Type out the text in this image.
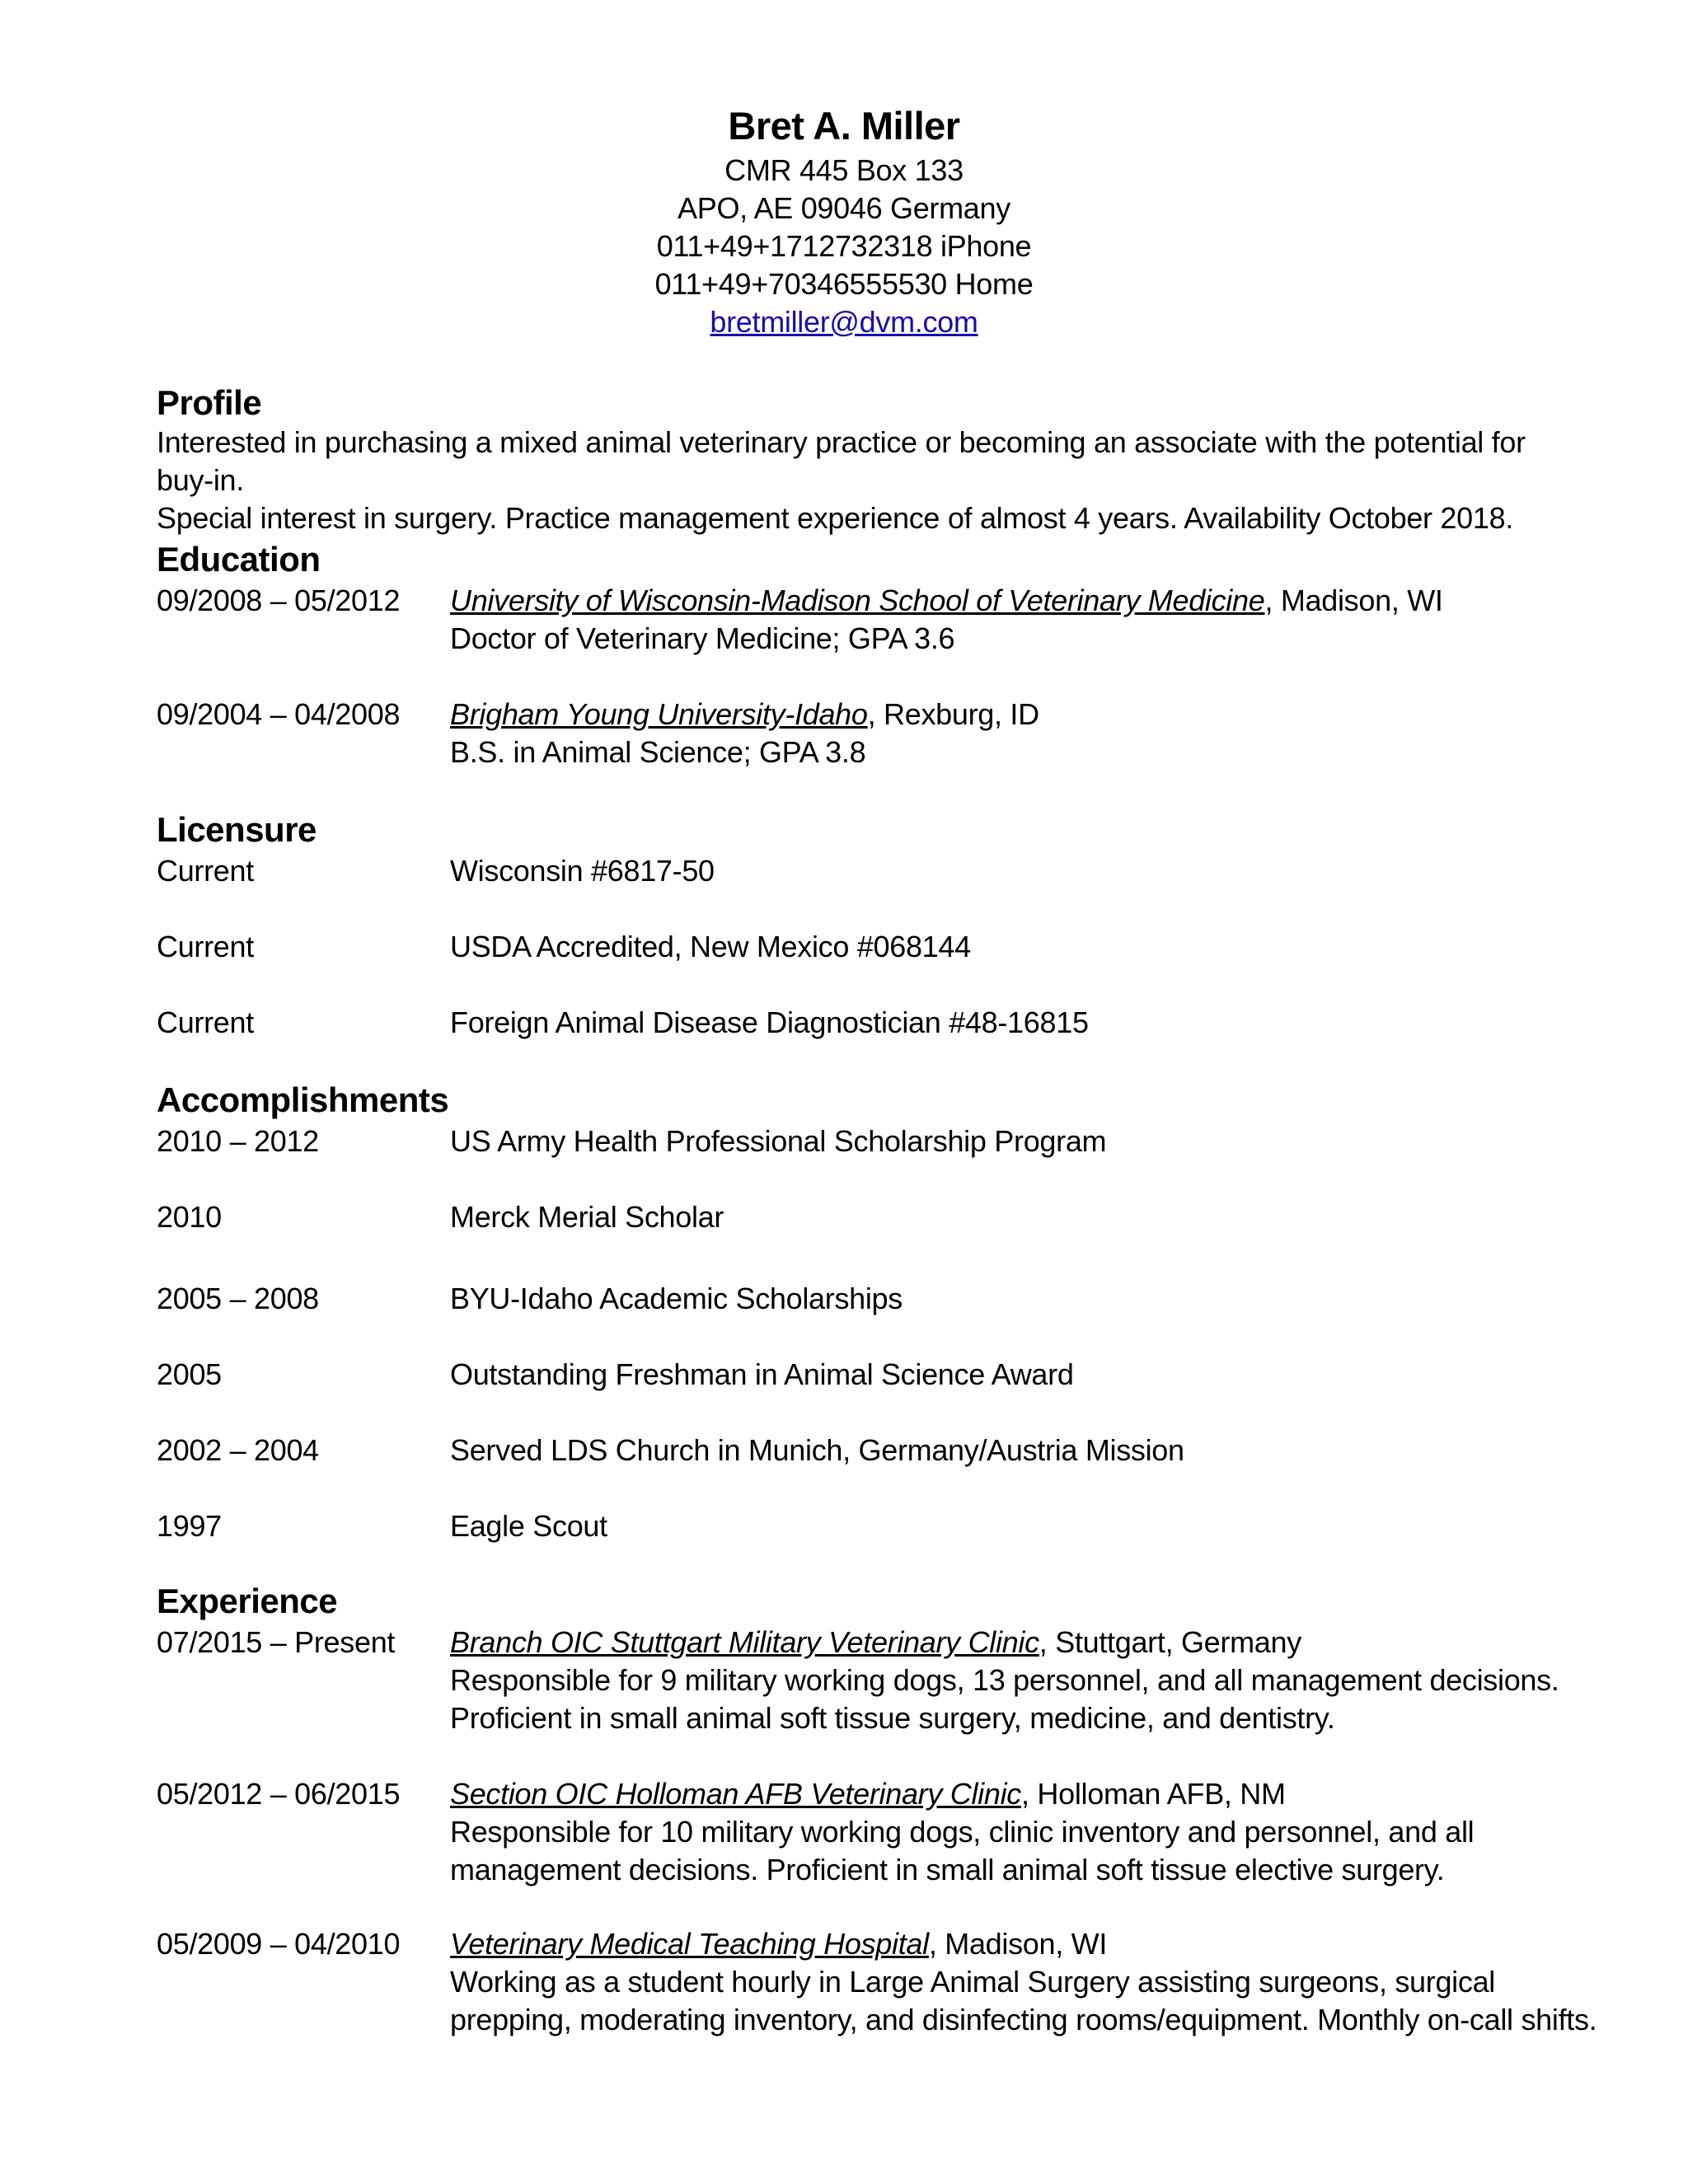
Bret A. Miller
CMR 445 Box 133
APO, AE 09046 Germany
011+49+1712732318 iPhone
011+49+70346555530 Home
bretmiller@dvm.com
Profile
Interested in purchasing a mixed animal veterinary practice or becoming an associate with the potential for buy-in.
Special interest in surgery. Practice management experience of almost 4 years. Availability October 2018.
Education
09/2008 – 05/2012	University of Wisconsin-Madison School of Veterinary Medicine, Madison, WI
Doctor of Veterinary Medicine; GPA 3.6
09/2004 – 04/2008	Brigham Young University-Idaho, Rexburg, ID
B.S. in Animal Science; GPA 3.8
Licensure
Current	Wisconsin #6817-50
Current	USDA Accredited, New Mexico #068144
Current	Foreign Animal Disease Diagnostician #48-16815
Accomplishments
2010 – 2012	US Army Health Professional Scholarship Program
2010	Merck Merial Scholar
2005 – 2008	BYU-Idaho Academic Scholarships
2005	Outstanding Freshman in Animal Science Award
2002 – 2004	Served LDS Church in Munich, Germany/Austria Mission
1997	Eagle Scout
Experience
07/2015 – Present	Branch OIC Stuttgart Military Veterinary Clinic, Stuttgart, Germany
Responsible for 9 military working dogs, 13 personnel, and all management decisions.
Proficient in small animal soft tissue surgery, medicine, and dentistry.
05/2012 – 06/2015	Section OIC Holloman AFB Veterinary Clinic, Holloman AFB, NM
Responsible for 10 military working dogs, clinic inventory and personnel, and all
management decisions. Proficient in small animal soft tissue elective surgery.
05/2009 – 04/2010	Veterinary Medical Teaching Hospital, Madison, WI
Working as a student hourly in Large Animal Surgery assisting surgeons, surgical
prepping, moderating inventory, and disinfecting rooms/equipment. Monthly on-call shifts.
